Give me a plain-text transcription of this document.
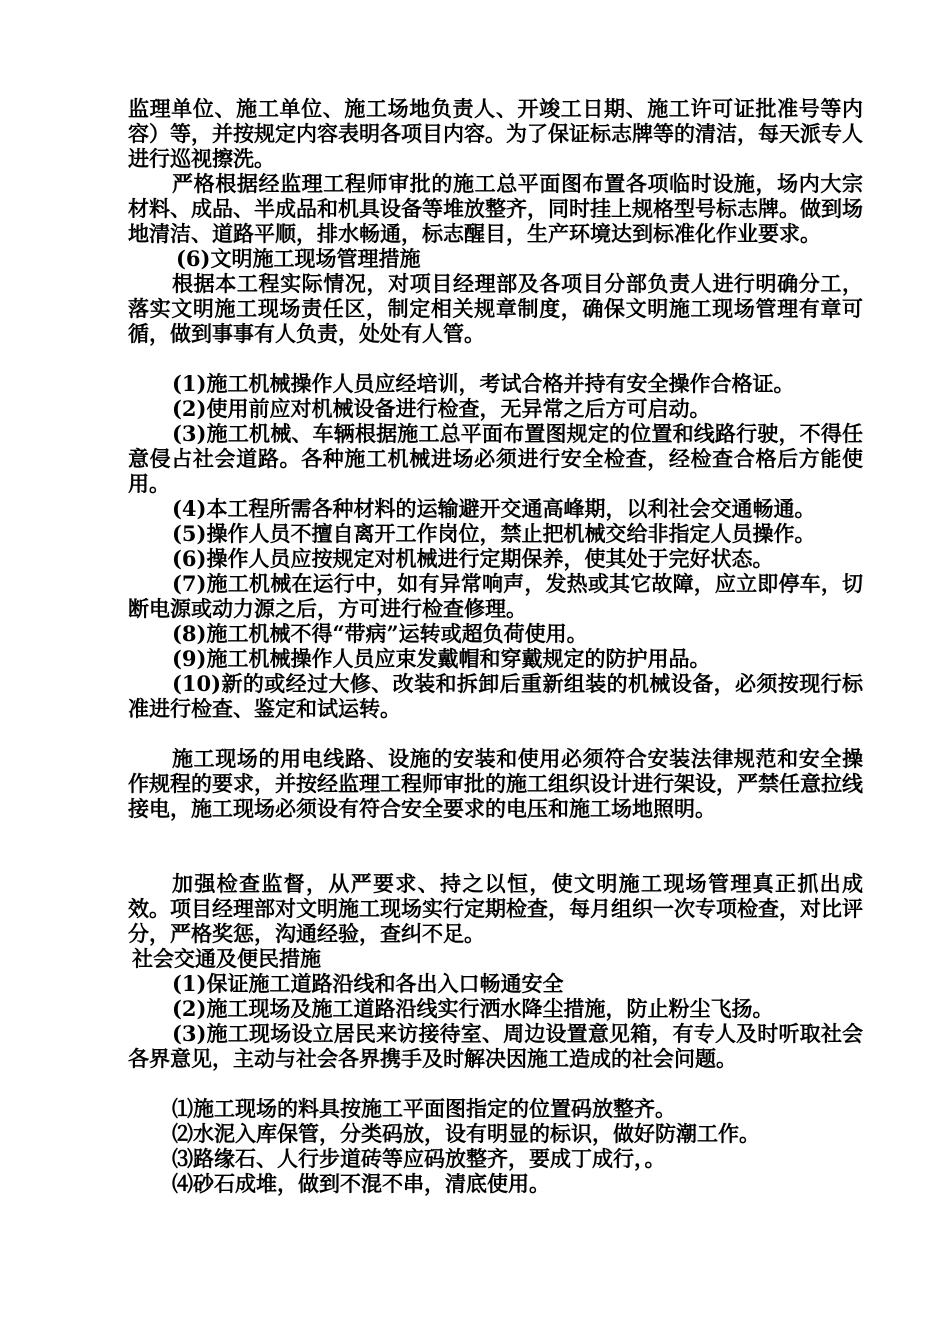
监理单位、施工单位、施工场地负责人、开竣工日期、施工许可证批准号等内容）等，并按规定内容表明各项目内容。为了保证标志牌等的清洁，每天派专人进行巡视擦洗。

严格根据经监理工程师审批的施工总平面图布置各项临时设施，场内大宗材料、成品、半成品和机具设备等堆放整齐，同时挂上规格型号标志牌。做到场地清洁、道路平顺，排水畅通，标志醒目，生产环境达到标准化作业要求。

(6)文明施工现场管理措施

根据本工程实际情况，对项目经理部及各项目分部负责人进行明确分工，落实文明施工现场责任区，制定相关规章制度，确保文明施工现场管理有章可循，做到事事有人负责，处处有人管。

(1)施工机械操作人员应经培训，考试合格并持有安全操作合格证。

(2)使用前应对机械设备进行检查，无异常之后方可启动。

(3)施工机械、车辆根据施工总平面布置图规定的位置和线路行驶，不得任意侵占社会道路。各种施工机械进场必须进行安全检查，经检查合格后方能使用。

(4)本工程所需各种材料的运输避开交通高峰期，以利社会交通畅通。

(5)操作人员不擅自离开工作岗位，禁止把机械交给非指定人员操作。

(6)操作人员应按规定对机械进行定期保养，使其处于完好状态。

(7)施工机械在运行中，如有异常响声，发热或其它故障，应立即停车，切断电源或动力源之后，方可进行检查修理。

(8)施工机械不得“带病”运转或超负荷使用。

(9)施工机械操作人员应束发戴帽和穿戴规定的防护用品。

(10)新的或经过大修、改装和拆卸后重新组装的机械设备，必须按现行标准进行检查、鉴定和试运转。

施工现场的用电线路、设施的安装和使用必须符合安装法律规范和安全操作规程的要求，并按经监理工程师审批的施工组织设计进行架设，严禁任意拉线接电，施工现场必须设有符合安全要求的电压和施工场地照明。

加强检查监督，从严要求、持之以恒，使文明施工现场管理真正抓出成效。项目经理部对文明施工现场实行定期检查，每月组织一次专项检查，对比评分，严格奖惩，沟通经验，查纠不足。

社会交通及便民措施

(1)保证施工道路沿线和各出入口畅通安全

(2)施工现场及施工道路沿线实行洒水降尘措施，防止粉尘飞扬。

(3)施工现场设立居民来访接待室、周边设置意见箱，有专人及时听取社会各界意见，主动与社会各界携手及时解决因施工造成的社会问题。

⑴施工现场的料具按施工平面图指定的位置码放整齐。

⑵水泥入库保管，分类码放，设有明显的标识，做好防潮工作。

⑶路缘石、人行步道砖等应码放整齐，要成丁成行，。

⑷砂石成堆，做到不混不串，清底使用。
